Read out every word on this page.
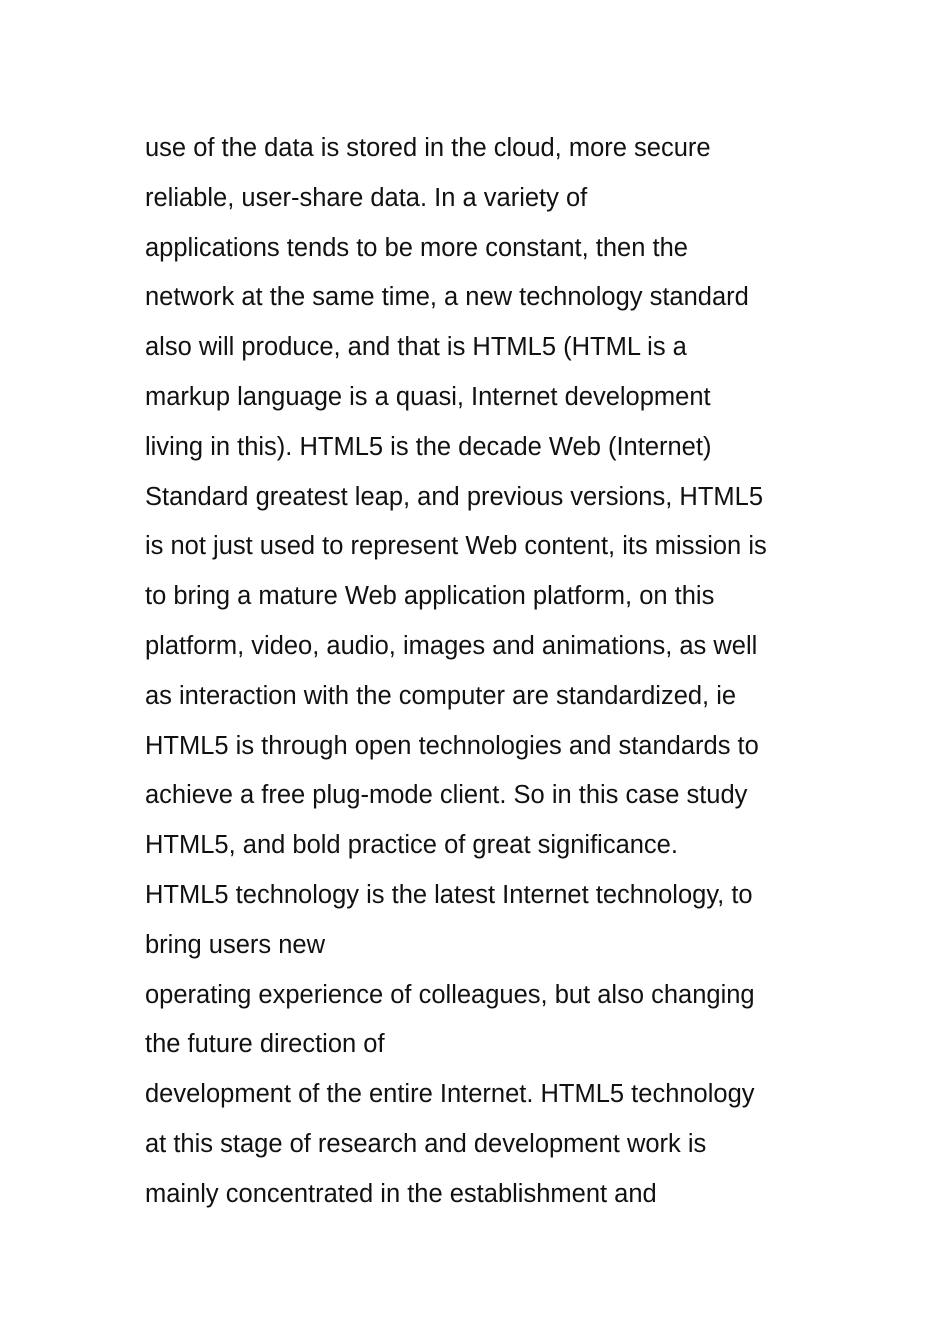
use of the data is stored in the cloud, more secure
reliable, user-share data. In a variety of
applications tends to be more constant, then the
network at the same time, a new technology standard
also will produce, and that is HTML5 (HTML is a
markup language is a quasi, Internet development
living in this). HTML5 is the decade Web (Internet)
Standard greatest leap, and previous versions, HTML5
is not just used to represent Web content, its mission is
to bring a mature Web application platform, on this
platform, video, audio, images and animations, as well
as interaction with the computer are standardized, ie
HTML5 is through open technologies and standards to
achieve a free plug-mode client. So in this case study
HTML5, and bold practice of great significance.
HTML5 technology is the latest Internet technology, to
bring users new
operating experience of colleagues, but also changing
the future direction of
development of the entire Internet. HTML5 technology
at this stage of research and development work is
mainly concentrated in the establishment and
